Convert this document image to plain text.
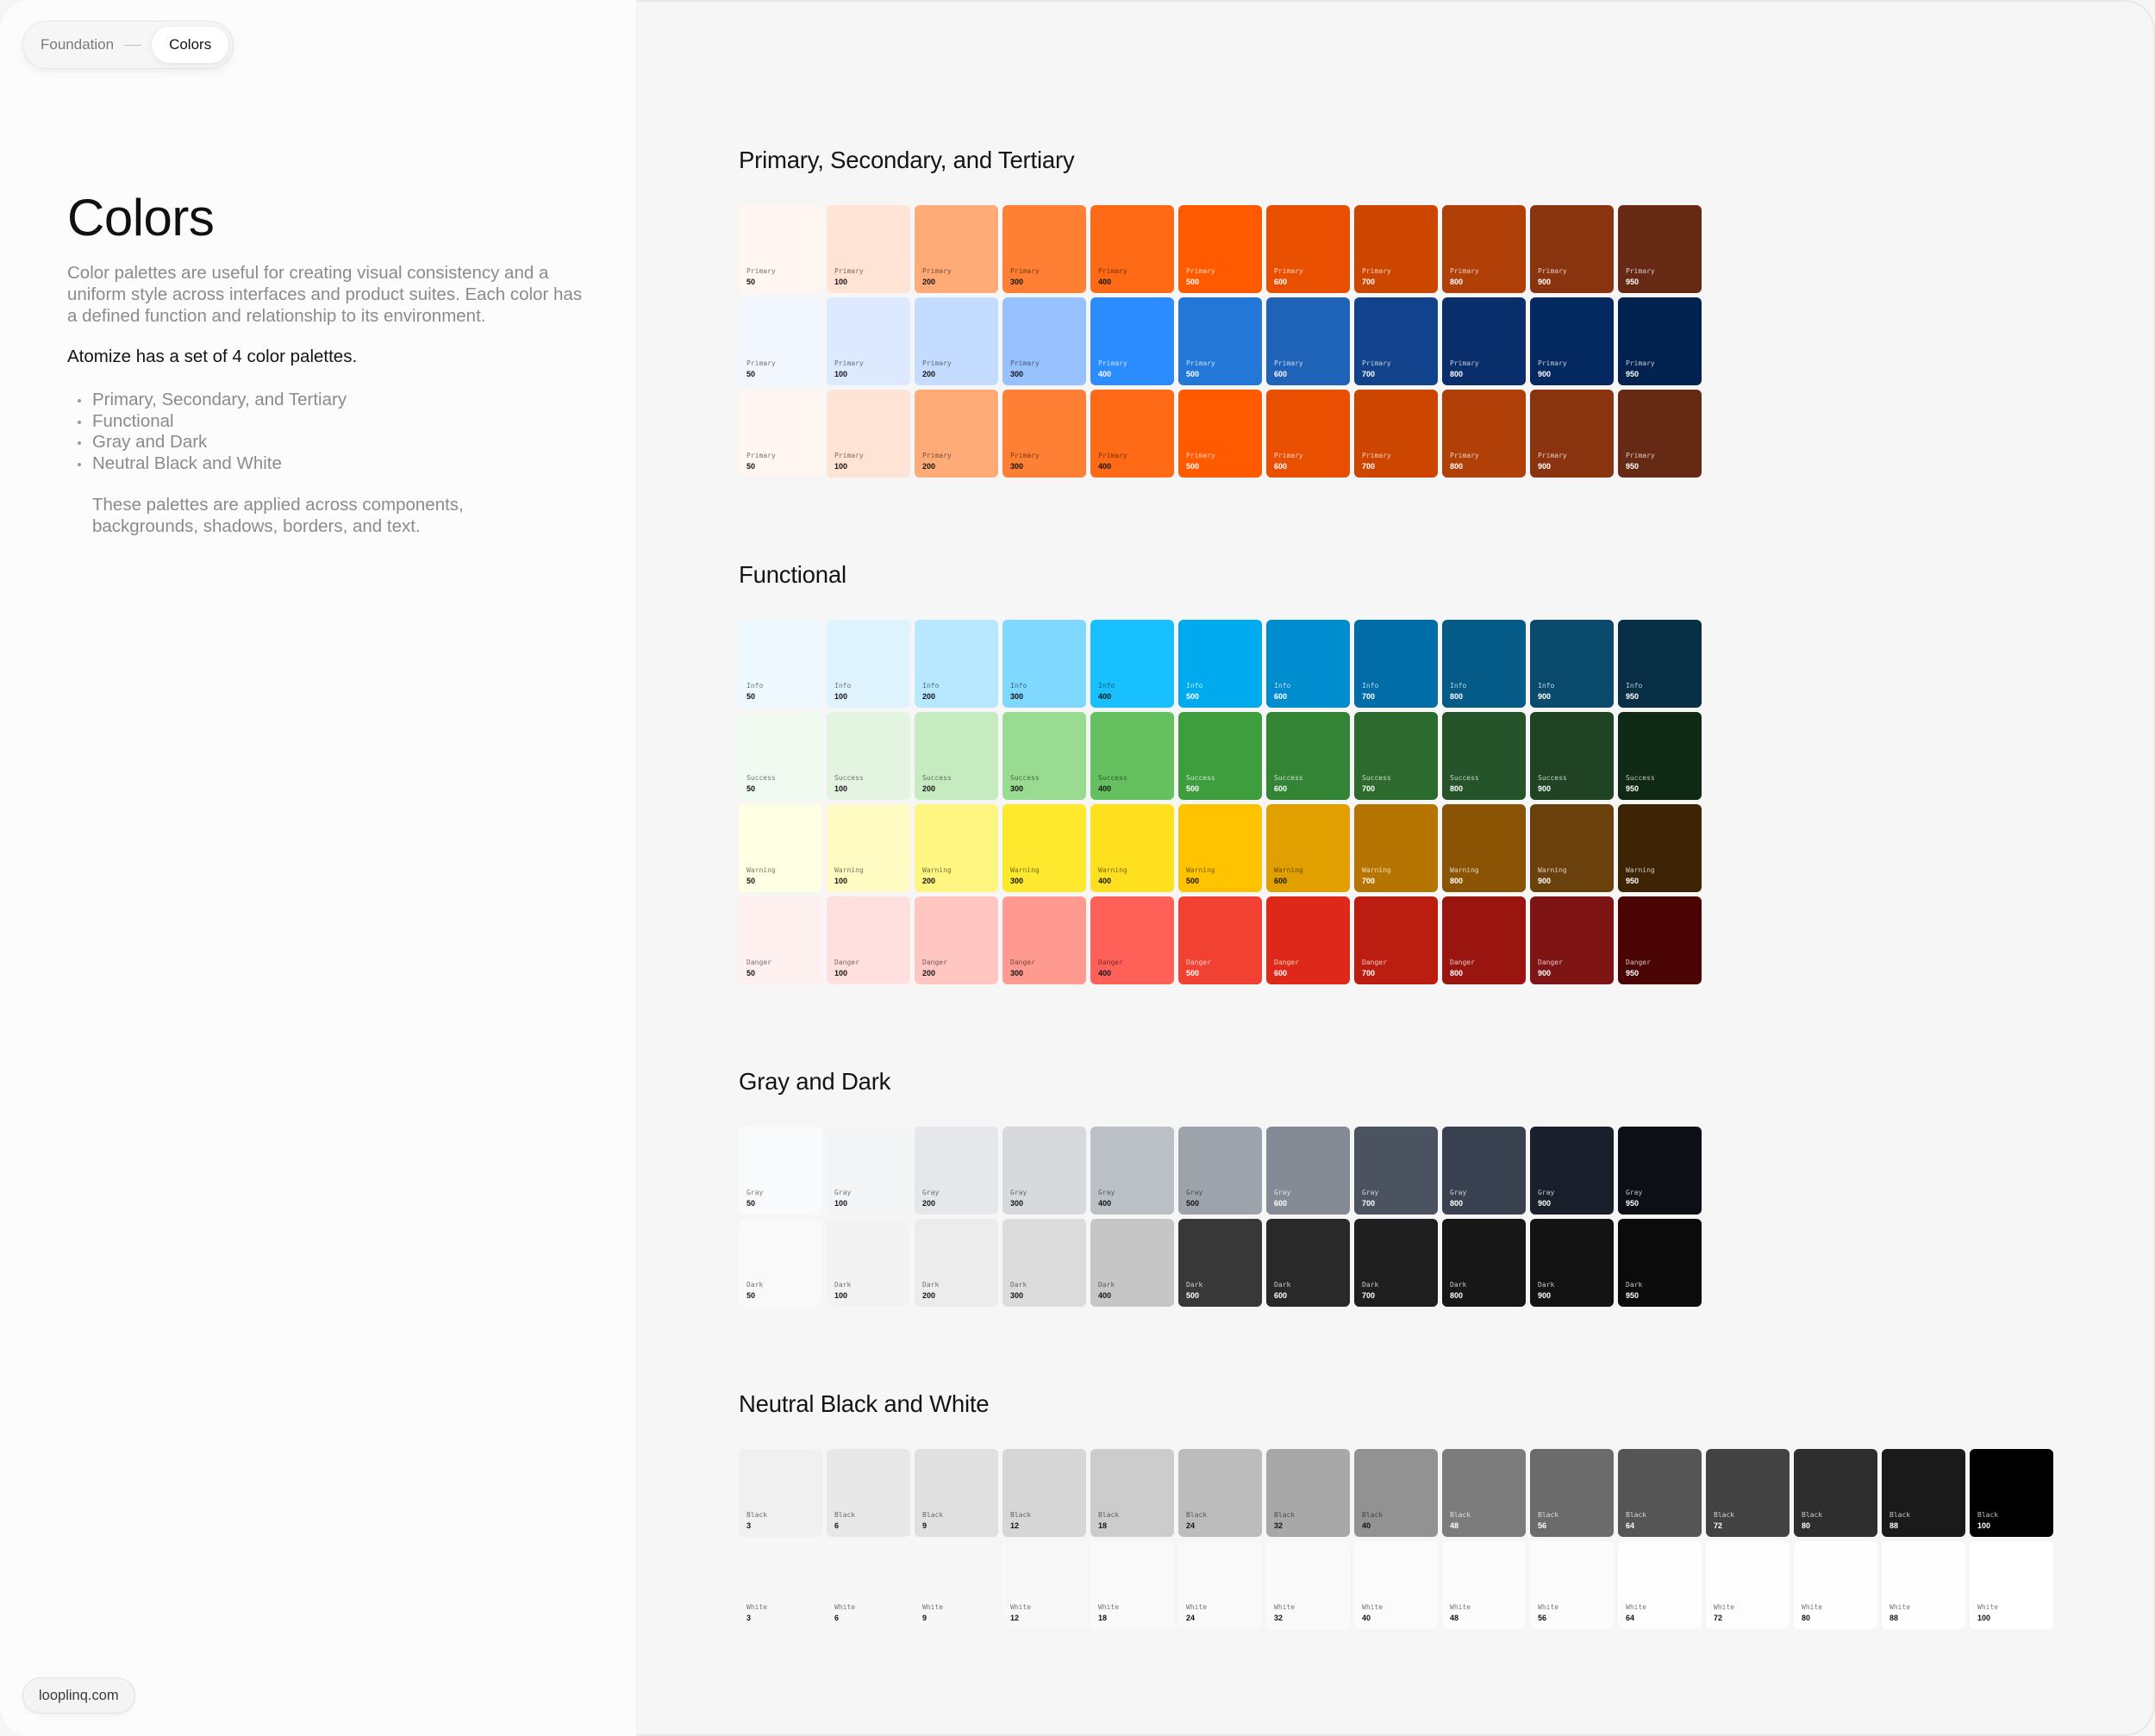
Foundation	Colors
Colors

Color palettes are useful for creating visual consistency and a uniform style across interfaces and product suites. Each color has a defined function and relationship to its environment.

Atomize has a set of 4 color palettes.

Primary, Secondary, and Tertiary
Functional
Gray and Dark
Neutral Black and White

These palettes are applied across components, backgrounds, shadows, borders, and text.

looplinq.com
Primary, Secondary, and Tertiary
Primary
50
Primary
100
Primary
200
Primary
300
Primary
400
Primary
500
Primary
600
Primary
700
Primary
800
Primary
900
Primary
950
Primary
50
Primary
100
Primary
200
Primary
300
Primary
400
Primary
500
Primary
600
Primary
700
Primary
800
Primary
900
Primary
950
Primary
50
Primary
100
Primary
200
Primary
300
Primary
400
Primary
500
Primary
600
Primary
700
Primary
800
Primary
900
Primary
950
Functional
Info
50
Info
100
Info
200
Info
300
Info
400
Info
500
Info
600
Info
700
Info
800
Info
900
Info
950
Success
50
Success
100
Success
200
Success
300
Success
400
Success
500
Success
600
Success
700
Success
800
Success
900
Success
950
Warning
50
Warning
100
Warning
200
Warning
300
Warning
400
Warning
500
Warning
600
Warning
700
Warning
800
Warning
900
Warning
950
Danger
50
Danger
100
Danger
200
Danger
300
Danger
400
Danger
500
Danger
600
Danger
700
Danger
800
Danger
900
Danger
950
Gray and Dark
Gray
50
Gray
100
Gray
200
Gray
300
Gray
400
Gray
500
Gray
600
Gray
700
Gray
800
Gray
900
Gray
950
Dark
50
Dark
100
Dark
200
Dark
300
Dark
400
Dark
500
Dark
600
Dark
700
Dark
800
Dark
900
Dark
950
Neutral Black and White
Black
3
Black
6
Black
9
Black
12
Black
18
Black
24
Black
32
Black
40
Black
48
Black
56
Black
64
Black
72
Black
80
Black
88
Black
100
White
3
White
6
White
9
White
12
White
18
White
24
White
32
White
40
White
48
White
56
White
64
White
72
White
80
White
88
White
100
